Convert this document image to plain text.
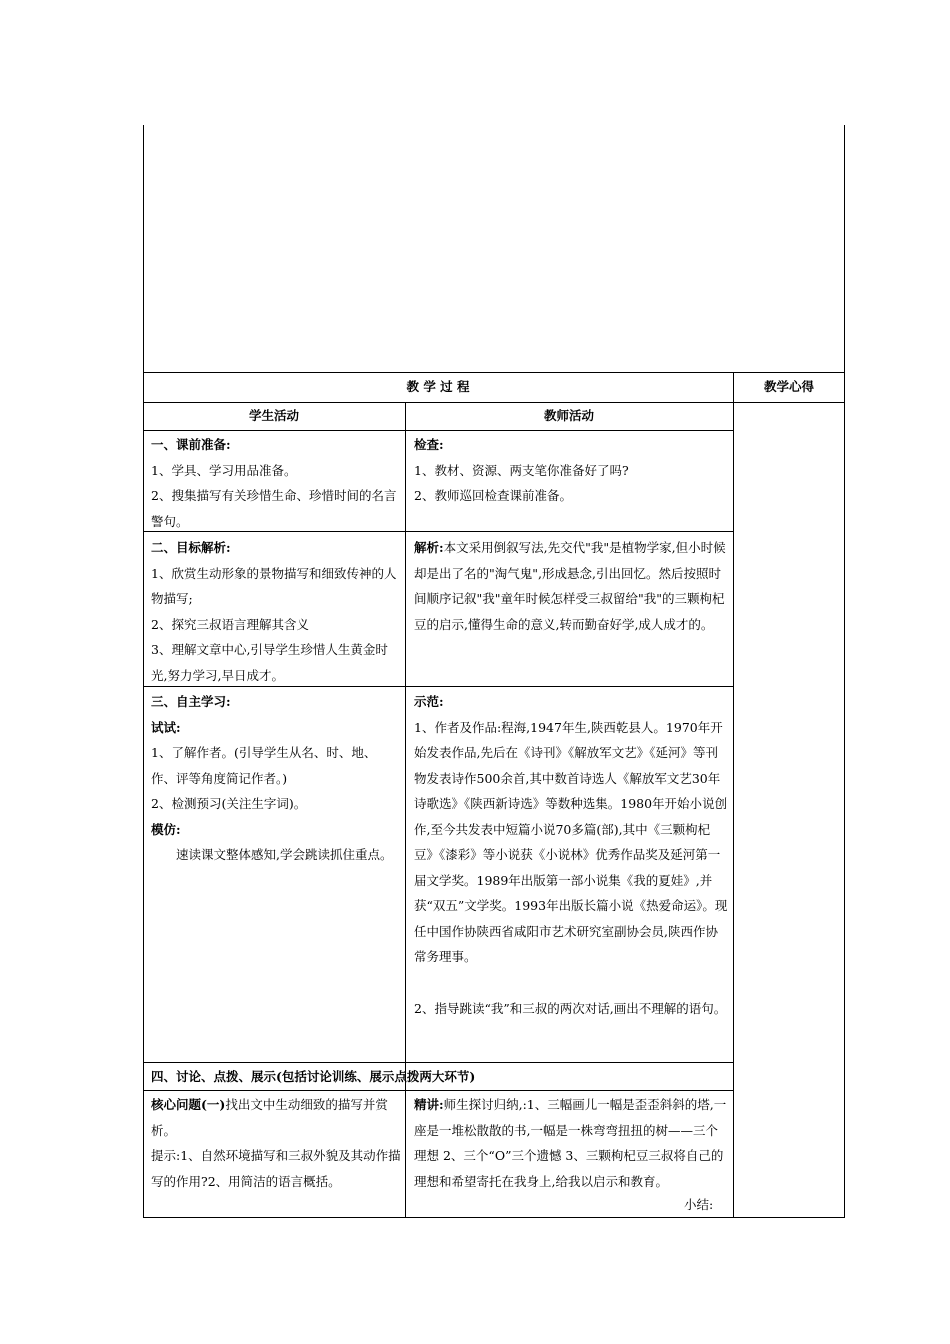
教 学 过 程	教学心得
学生活动	教师活动

一、课前准备:

1、学具、学习用品准备。

2、搜集描写有关珍惜生命、珍惜时间的名言警句。

检查:

1、教材、资源、两支笔你准备好了吗?

2、教师巡回检查课前准备。

二、目标解析:

1、欣赏生动形象的景物描写和细致传神的人物描写;

2、探究三叔语言理解其含义

3、理解文章中心,引导学生珍惜人生黄金时光,努力学习,早日成才。

解析:本文采用倒叙写法,先交代"我"是植物学家,但小时候却是出了名的"淘气鬼",形成悬念,引出回忆。然后按照时间顺序记叙"我"童年时候怎样受三叔留给"我"的三颗枸杞豆的启示,懂得生命的意义,转而勤奋好学,成人成才的。

三、自主学习:

试试:

1、了解作者。(引导学生从名、时、地、作、评等角度简记作者。)

2、检测预习(关注生字词)。

模仿:

速读课文整体感知,学会跳读抓住重点。

示范:

1、作者及作品:程海,1947年生,陕西乾县人。1970年开始发表作品,先后在《诗刊》《解放军文艺》《延河》等刊物发表诗作500余首,其中数首诗选人《解放军文艺30年诗歌选》《陕西新诗选》等数种选集。1980年开始小说创作,至今共发表中短篇小说70多篇(部),其中《三颗枸杞豆》《漆彩》等小说获《小说林》优秀作品奖及延河第一届文学奖。1989年出版第一部小说集《我的夏娃》,并获“双五”文学奖。1993年出版长篇小说《热爱命运》。现任中国作协陕西省咸阳市艺术研究室副协会员,陕西作协常务理事。

2、指导跳读“我”和三叔的两次对话,画出不理解的语句。

四、讨论、点拨、展示(包括讨论训练、展示点拨两大环节)

核心问题(一)找出文中生动细致的描写并赏析。

提示:1、自然环境描写和三叔外貌及其动作描写的作用?2、用简洁的语言概括。

精讲:师生探讨归纳,:1、三幅画儿一幅是歪歪斜斜的塔,一座是一堆松散散的书,一幅是一株弯弯扭扭的树——三个理想 2、三个“O”三个遗憾 3、三颗枸杞豆三叔将自己的理想和希望寄托在我身上,给我以启示和教育。

小结:
